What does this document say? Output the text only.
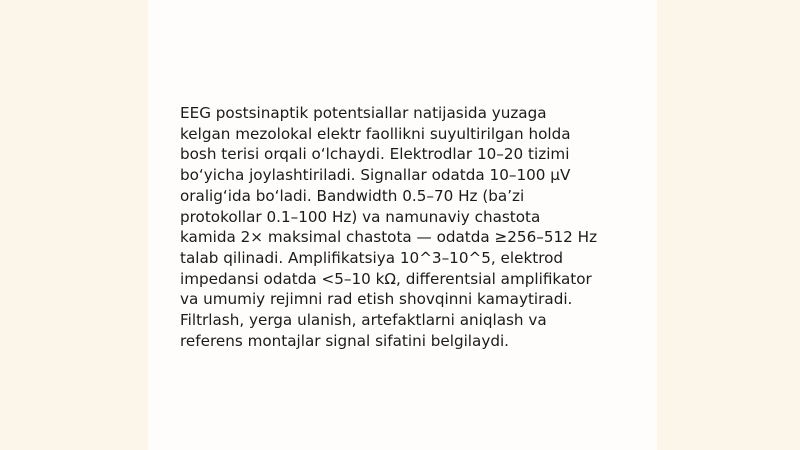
EEG postsinaptik potentsiallar natijasida yuzaga
kelgan mezolokal elektr faollikni suyultirilgan holda
bosh terisi orqali o‘lchaydi. Elektrodlar 10–20 tizimi
bo‘yicha joylashtiriladi. Signallar odatda 10–100 μV
oralig‘ida bo‘ladi. Bandwidth 0.5–70 Hz (ba’zi
protokollar 0.1–100 Hz) va namunaviy chastota
kamida 2× maksimal chastota — odatda ≥256–512 Hz
talab qilinadi. Amplifikatsiya 10^3–10^5, elektrod
impedansi odatda <5–10 kΩ, differentsial amplifikator
va umumiy rejimni rad etish shovqinni kamaytiradi.
Filtrlash, yerga ulanish, artefaktlarni aniqlash va
referens montajlar signal sifatini belgilaydi.
